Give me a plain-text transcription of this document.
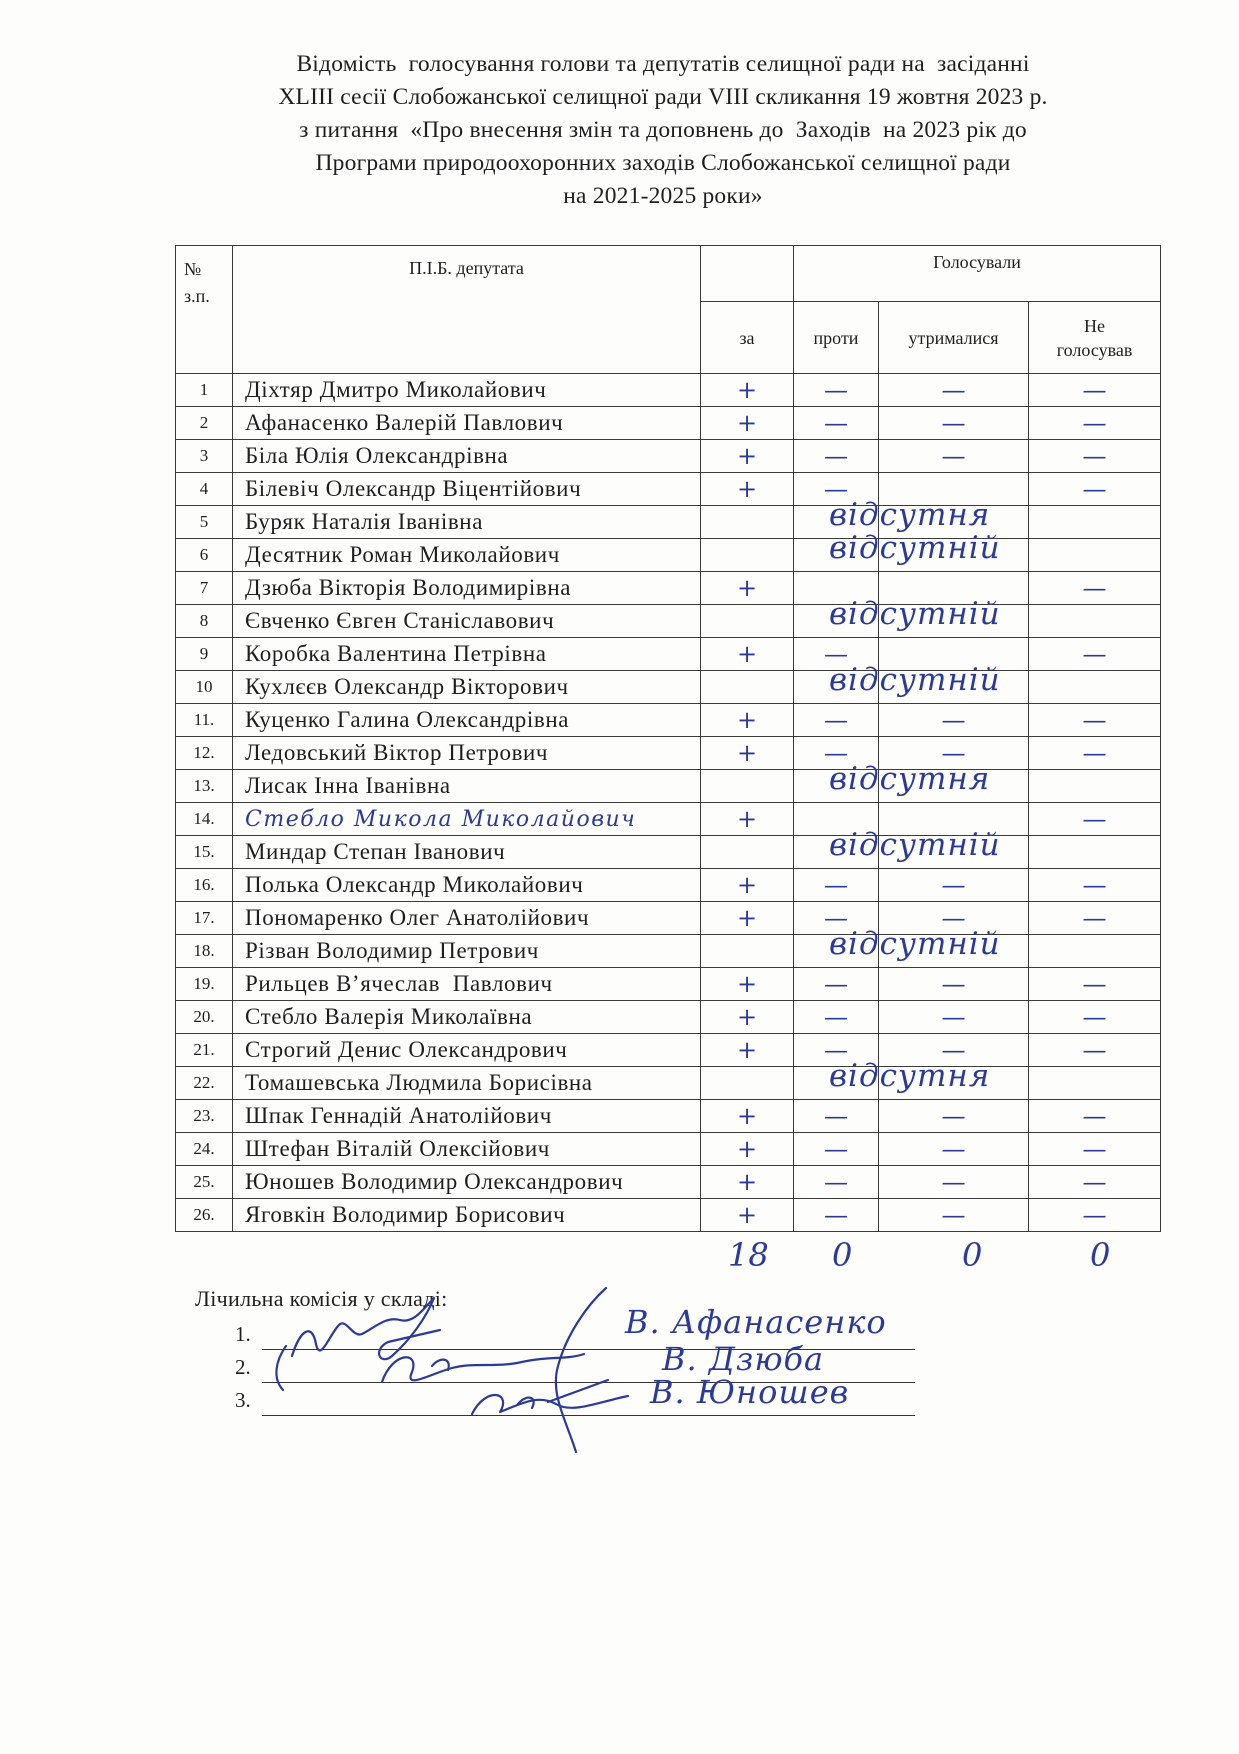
Відомість  голосування голови та депутатів селищної ради на  засіданні
XLIII сесії Слобожанської селищної ради VIII скликання 19 жовтня 2023 р.
з питання  «Про внесення змін та доповнень до  Заходів  на 2023 рік до
Програми природоохоронних заходів Слобожанської селищної ради
на 2021-2025 роки»
№
з.п.	П.І.Б. депутата		Голосували		
		за	проти	утрималися	Не
голосував

1	Діхтяр Дмитро Миколайович	+	—	—	—
2	Афанасенко Валерій Павлович	+	—	—	—
3	Біла Юлія Олександрівна	+	—	—	—
4	Білевіч Олександр Віцентійович	+	—		—
5	Буряк Наталія Іванівна		відсутня		

6	Десятник Роман Миколайович		відсутній		

7	Дзюба Вікторія Володимирівна	+			—
8	Євченко Євген Станіславович		відсутній		

9	Коробка Валентина Петрівна	+	—		—
10	Кухлєєв Олександр Вікторович		відсутній		

11.	Куценко Галина Олександрівна	+	—	—	—
12.	Ледовський Віктор Петрович	+	—	—	—
13.	Лисак Інна Іванівна		відсутня		

14.	Стебло Микола Миколайович	+			—
15.	Миндар Степан Іванович		відсутній		

16.	Полька Олександр Миколайович	+	—	—	—
17.	Пономаренко Олег Анатолійович	+	—	—	—
18.	Різван Володимир Петрович		відсутній		

19.	Рильцев В’ячеслав  Павлович	+	—	—	—
20.	Стебло Валерія Миколаївна	+	—	—	—
21.	Строгий Денис Олександрович	+	—	—	—
22.	Томашевська Людмила Борисівна		відсутня		

23.	Шпак Геннадій Анатолійович	+	—	—	—
24.	Штефан Віталій Олексійович	+	—	—	—
25.	Юношев Володимир Олександрович	+	—	—	—
26.	Яговкін Володимир Борисович	+	—	—	—
18 0	0	0
Лічильна комісія у складі:
1.	В. Афанасенко
2.	В. Дзюба
3.	В. Юношев
